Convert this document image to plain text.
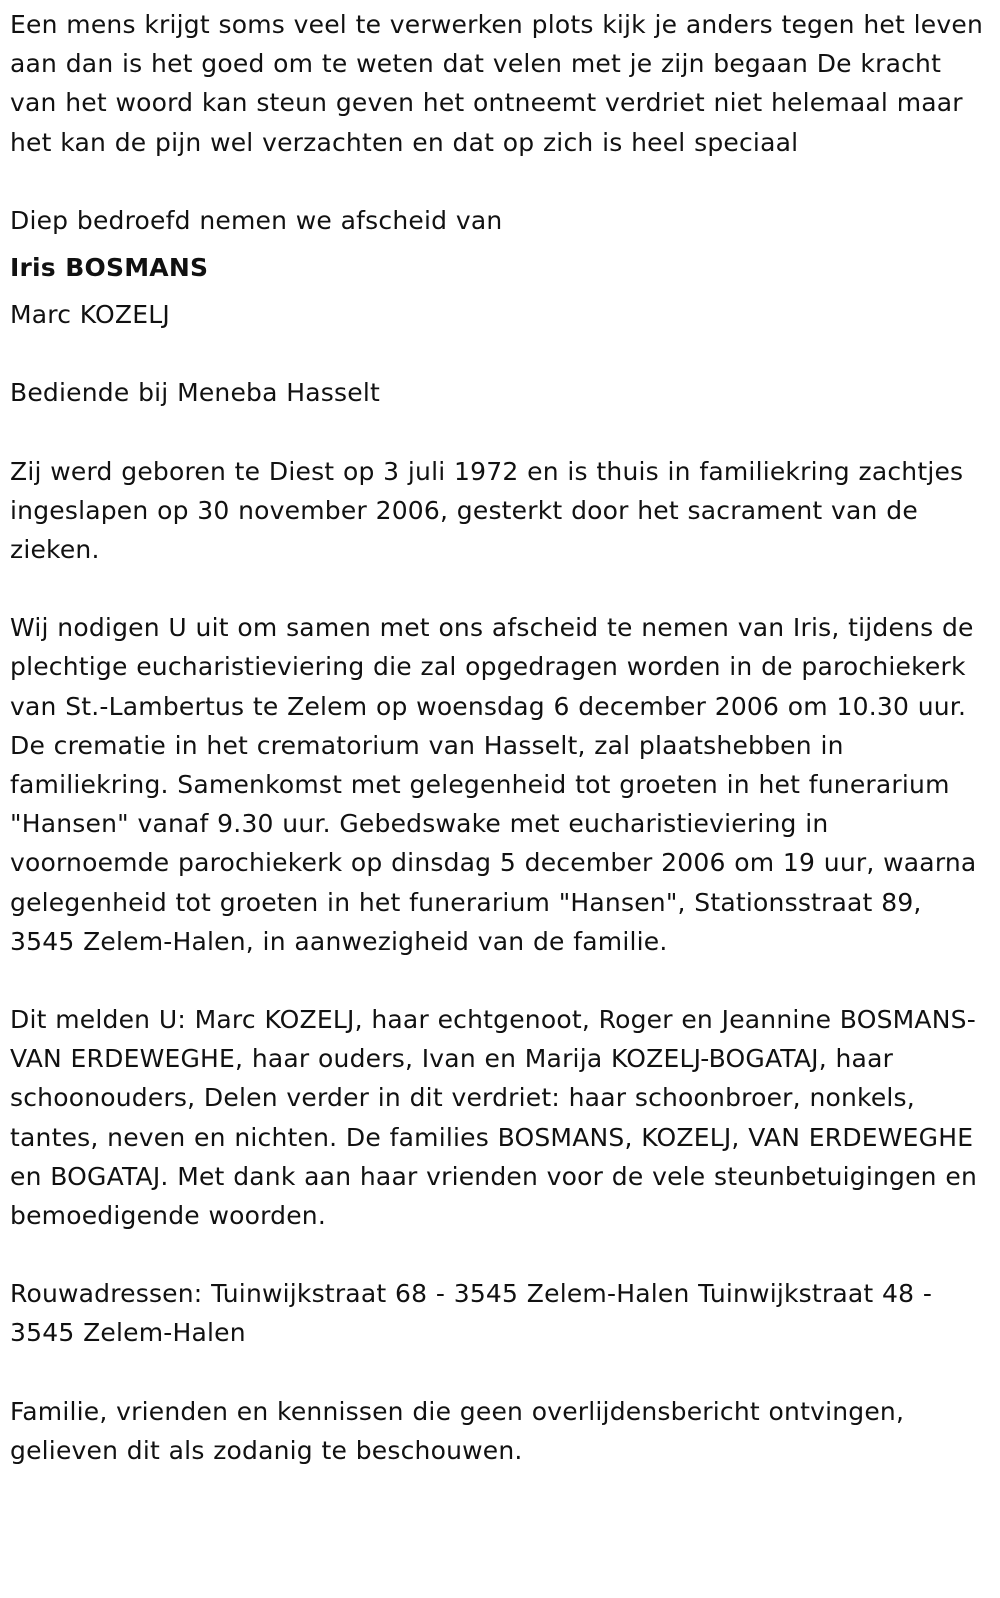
Een mens krijgt soms veel te verwerken plots kijk je anders tegen het leven aan dan is het goed om te weten dat velen met je zijn begaan De kracht van het woord kan steun geven het ontneemt verdriet niet helemaal maar het kan de pijn wel verzachten en dat op zich is heel speciaal

Diep bedroefd nemen we afscheid van

Iris BOSMANS

Marc KOZELJ

Bediende bij Meneba Hasselt

Zij werd geboren te Diest op 3 juli 1972 en is thuis in familiekring zachtjes ingeslapen op 30 november 2006, gesterkt door het sacrament van de zieken.

Wij nodigen U uit om samen met ons afscheid te nemen van Iris, tijdens de plechtige eucharistieviering die zal opgedragen worden in de parochiekerk van St.-Lambertus te Zelem op woensdag 6 december 2006 om 10.30 uur. De crematie in het crematorium van Hasselt, zal plaatshebben in familiekring. Samenkomst met gelegenheid tot groeten in het funerarium "Hansen" vanaf 9.30 uur. Gebedswake met eucharistieviering in voornoemde parochiekerk op dinsdag 5 december 2006 om 19 uur, waarna gelegenheid tot groeten in het funerarium "Hansen", Stationsstraat 89, 3545 Zelem-Halen, in aanwezigheid van de familie.

Dit melden U: Marc KOZELJ, haar echtgenoot, Roger en Jeannine BOSMANS-VAN ERDEWEGHE, haar ouders, Ivan en Marija KOZELJ-BOGATAJ, haar schoonouders, Delen verder in dit verdriet: haar schoonbroer, nonkels, tantes, neven en nichten. De families BOSMANS, KOZELJ, VAN ERDEWEGHE en BOGATAJ. Met dank aan haar vrienden voor de vele steunbetuigingen en bemoedigende woorden.

Rouwadressen: Tuinwijkstraat 68 - 3545 Zelem-Halen Tuinwijkstraat 48 - 3545 Zelem-Halen

Familie, vrienden en kennissen die geen overlijdensbericht ontvingen, gelieven dit als zodanig te beschouwen.
